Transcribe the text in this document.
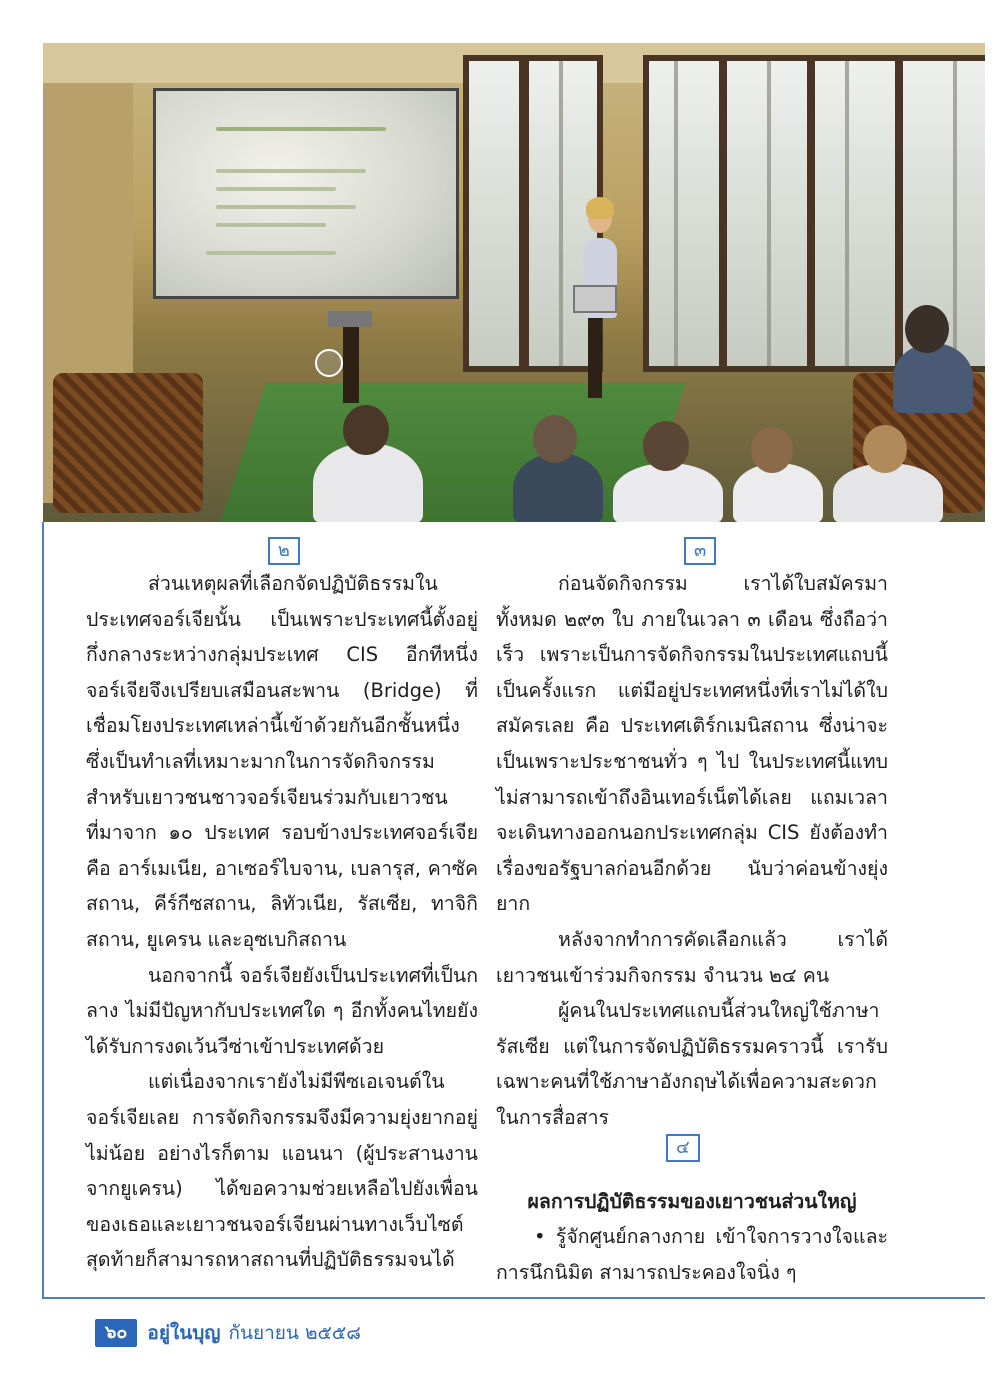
๒	๓
๔

ส่วนเหตุผลที่เลือกจัดปฏิบัติธรรมในประเทศจอร์เจียนั้น เป็นเพราะประเทศนี้ตั้งอยู่กึ่งกลางระหว่างกลุ่มประเทศ CIS อีกทีหนึ่ง จอร์เจียจึงเปรียบเสมือนสะพาน (Bridge) ที่เชื่อมโยงประเทศเหล่านี้เข้าด้วยกันอีกชั้นหนึ่ง ซึ่งเป็นทำเลที่เหมาะมากในการจัดกิจกรรมสำหรับเยาวชนชาวจอร์เจียนร่วมกับเยาวชนที่มาจาก ๑๐ ประเทศ รอบข้างประเทศจอร์เจีย คือ อาร์เมเนีย, อาเซอร์ไบจาน, เบลารุส, คาซัคสถาน, คีร์กีซสถาน, ลิทัวเนีย, รัสเซีย, ทาจิกิสถาน, ยูเครน และอุซเบกิสถาน

นอกจากนี้ จอร์เจียยังเป็นประเทศที่เป็นกลาง ไม่มีปัญหากับประเทศใด ๆ อีกทั้งคนไทยยังได้รับการงดเว้นวีซ่าเข้าประเทศด้วย

แต่เนื่องจากเรายังไม่มีพีซเอเจนต์ในจอร์เจียเลย การจัดกิจกรรมจึงมีความยุ่งยากอยู่ไม่น้อย อย่างไรก็ตาม แอนนา (ผู้ประสานงานจากยูเครน) ได้ขอความช่วยเหลือไปยังเพื่อนของเธอและเยาวชนจอร์เจียนผ่านทางเว็บไซต์ สุดท้ายก็สามารถหาสถานที่ปฏิบัติธรรมจนได้

ก่อนจัดกิจกรรม เราได้ใบสมัครมาทั้งหมด ๒๙๓ ใบ ภายในเวลา ๓ เดือน ซึ่งถือว่าเร็ว เพราะเป็นการจัดกิจกรรมในประเทศแถบนี้เป็นครั้งแรก แต่มีอยู่ประเทศหนึ่งที่เราไม่ได้ใบสมัครเลย คือ ประเทศเติร์กเมนิสถาน ซึ่งน่าจะเป็นเพราะประชาชนทั่ว ๆ ไป ในประเทศนี้แทบไม่สามารถเข้าถึงอินเทอร์เน็ตได้เลย แถมเวลาจะเดินทางออกนอกประเทศกลุ่ม CIS ยังต้องทำเรื่องขอรัฐบาลก่อนอีกด้วย นับว่าค่อนข้างยุ่งยาก

หลังจากทำการคัดเลือกแล้ว เราได้เยาวชนเข้าร่วมกิจกรรม จำนวน ๒๔ คน

ผู้คนในประเทศแถบนี้ส่วนใหญ่ใช้ภาษารัสเซีย แต่ในการจัดปฏิบัติธรรมคราวนี้ เรารับเฉพาะคนที่ใช้ภาษาอังกฤษได้เพื่อความสะดวกในการสื่อสาร

ผลการปฏิบัติธรรมของเยาวชนส่วนใหญ่

• รู้จักศูนย์กลางกาย เข้าใจการวางใจและการนึกนิมิต สามารถประคองใจนิ่ง ๆ

๖๐	อยู่ในบุญ กันยายน ๒๕๕๘
